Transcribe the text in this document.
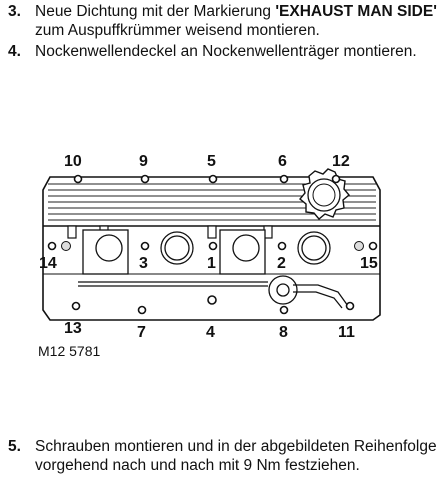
3. Neue Dichtung mit der Markierung 'EXHAUST MAN SIDE' zum Auspuffkrümmer weisend montieren.
4. Nockenwellendeckel an Nockenwellenträger montieren.
10	9	5	6	12
14	3	1	2	15
13	7	4	8	11
M12 5781
5. Schrauben montieren und in der abgebildeten Reihenfolge vorgehend nach und nach mit 9 Nm festziehen.
